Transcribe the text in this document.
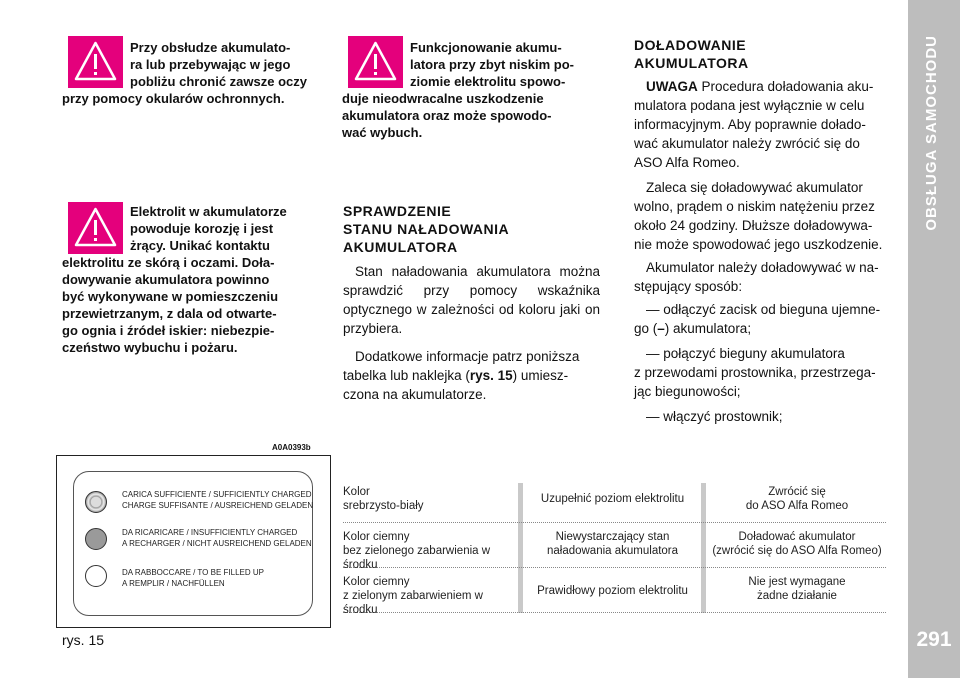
OBSŁUGA SAMOCHODU
291
Przy obsłudze akumulato-
ra lub przebywając w jego
pobliżu chronić zawsze oczy
przy pomocy okularów ochronnych.
Funkcjonowanie akumu-
latora przy zbyt niskim po-
ziomie elektrolitu spowo-
duje nieodwracalne uszkodzenie
akumulatora oraz może spowodo-
wać wybuch.
Elektrolit w akumulatorze
powoduje korozję i jest
żrący. Unikać kontaktu
elektrolitu ze skórą i oczami. Doła-
dowywanie akumulatora powinno
być wykonywane w pomieszczeniu
przewietrzanym, z dala od otwarte-
go ognia i źródeł iskier: niebezpie-
czeństwo wybuchu i pożaru.
SPRAWDZENIE
STANU NAŁADOWANIA
AKUMULATORA
Stan naładowania akumulatora można sprawdzić przy pomocy wskaźnika optycznego w zależności od koloru jaki on przybiera.
Dodatkowe informacje patrz poniższa
tabelka lub naklejka (rys. 15) umiesz-
czona na akumulatorze.
DOŁADOWANIE
AKUMULATORA
UWAGA Procedura doładowania aku-
mulatora podana jest wyłącznie w celu
informacyjnym. Aby poprawnie dołado-
wać akumulator należy zwrócić się do
ASO Alfa Romeo.
Zaleca się doładowywać akumulator
wolno, prądem o niskim natężeniu przez
około 24 godziny. Dłuższe doładowywa-
nie może spowodować jego uszkodzenie.
Akumulator należy doładowywać w na-
stępujący sposób:
— odłączyć zacisk od bieguna ujemne-
go (–) akumulatora;
— połączyć bieguny akumulatora
z przewodami prostownika, przestrzega-
jąc biegunowości;
— włączyć prostownik;
A0A0393b
CARICA SUFFICIENTE / SUFFICIENTLY CHARGED
CHARGE SUFFISANTE / AUSREICHEND GELADEN
DA RICARICARE / INSUFFICIENTLY CHARGED
A RECHARGER / NICHT AUSREICHEND GELADEN
DA RABBOCCARE / TO BE FILLED UP
A REMPLIR / NACHFÜLLEN
rys. 15
Kolor
srebrzysto-biały
Uzupełnić poziom elektrolitu
Zwrócić się
do ASO Alfa Romeo
Kolor ciemny
bez zielonego zabarwienia w środku
Niewystarczający stan
naładowania akumulatora
Doładować akumulator
(zwrócić się do ASO Alfa Romeo)
Kolor ciemny
z zielonym zabarwieniem w środku
Prawidłowy poziom elektrolitu
Nie jest wymagane
żadne działanie
